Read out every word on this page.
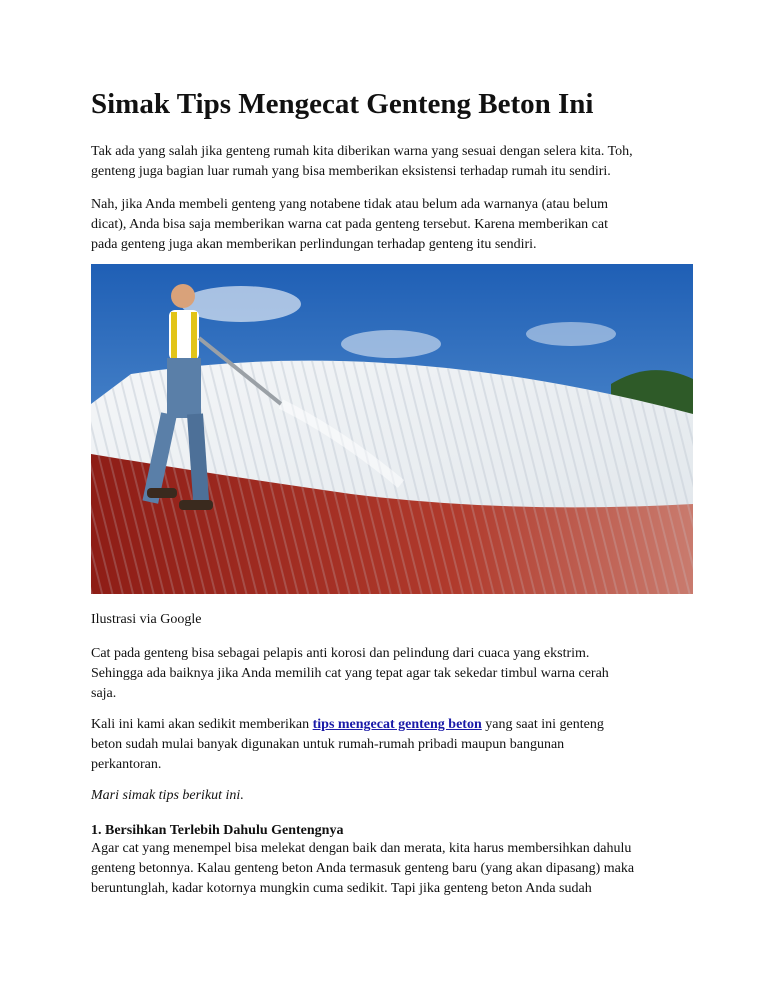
Simak Tips Mengecat Genteng Beton Ini

Tak ada yang salah jika genteng rumah kita diberikan warna yang sesuai dengan selera kita. Toh,
genteng juga bagian luar rumah yang bisa memberikan eksistensi terhadap rumah itu sendiri.

Nah, jika Anda membeli genteng yang notabene tidak atau belum ada warnanya (atau belum
dicat), Anda bisa saja memberikan warna cat pada genteng tersebut. Karena memberikan cat
pada genteng juga akan memberikan perlindungan terhadap genteng itu sendiri.

Ilustrasi via Google

Cat pada genteng bisa sebagai pelapis anti korosi dan pelindung dari cuaca yang ekstrim.
Sehingga ada baiknya jika Anda memilih cat yang tepat agar tak sekedar timbul warna cerah
saja.

Kali ini kami akan sedikit memberikan tips mengecat genteng beton yang saat ini genteng
beton sudah mulai banyak digunakan untuk rumah-rumah pribadi maupun bangunan
perkantoran.

Mari simak tips berikut ini.

1. Bersihkan Terlebih Dahulu Gentengnya

Agar cat yang menempel bisa melekat dengan baik dan merata, kita harus membersihkan dahulu
genteng betonnya. Kalau genteng beton Anda termasuk genteng baru (yang akan dipasang) maka
beruntunglah, kadar kotornya mungkin cuma sedikit. Tapi jika genteng beton Anda sudah
